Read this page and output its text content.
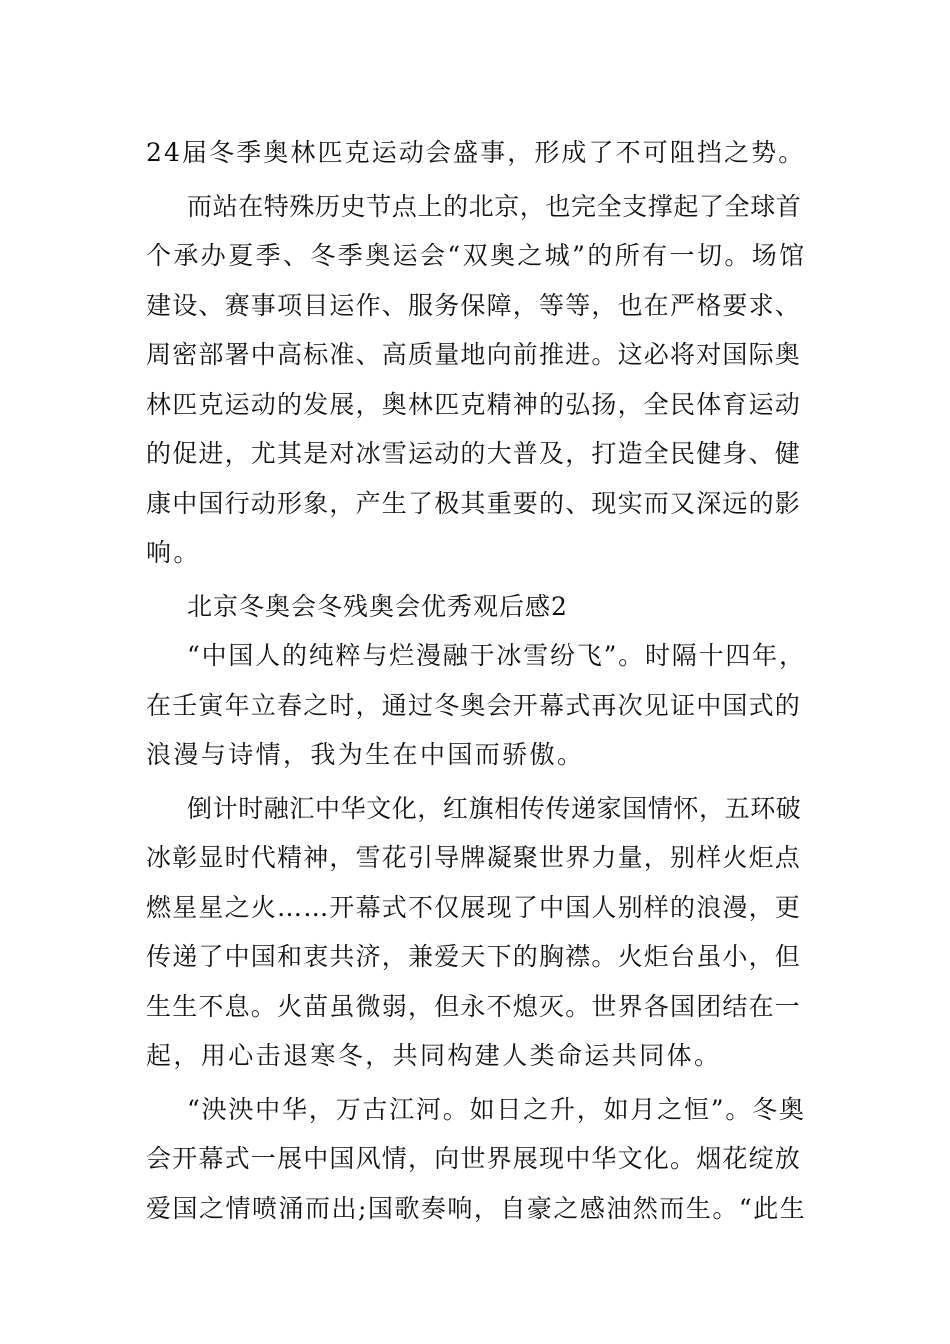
24届冬季奥林匹克运动会盛事，形成了不可阻挡之势。
而站在特殊历史节点上的北京，也完全支撑起了全球首
个承办夏季、冬季奥运会“双奥之城”的所有一切。场馆
建设、赛事项目运作、服务保障，等等，也在严格要求、
周密部署中高标准、高质量地向前推进。这必将对国际奥
林匹克运动的发展，奥林匹克精神的弘扬，全民体育运动
的促进，尤其是对冰雪运动的大普及，打造全民健身、健
康中国行动形象，产生了极其重要的、现实而又深远的影
响。
北京冬奥会冬残奥会优秀观后感2
“中国人的纯粹与烂漫融于冰雪纷飞”。时隔十四年，
在壬寅年立春之时，通过冬奥会开幕式再次见证中国式的
浪漫与诗情，我为生在中国而骄傲。
倒计时融汇中华文化，红旗相传传递家国情怀，五环破
冰彰显时代精神，雪花引导牌凝聚世界力量，别样火炬点
燃星星之火……开幕式不仅展现了中国人别样的浪漫，更
传递了中国和衷共济，兼爱天下的胸襟。火炬台虽小，但
生生不息。火苗虽微弱，但永不熄灭。世界各国团结在一
起，用心击退寒冬，共同构建人类命运共同体。
“泱泱中华，万古江河。如日之升，如月之恒”。冬奥
会开幕式一展中国风情，向世界展现中华文化。烟花绽放
爱国之情喷涌而出;国歌奏响，自豪之感油然而生。“此生
